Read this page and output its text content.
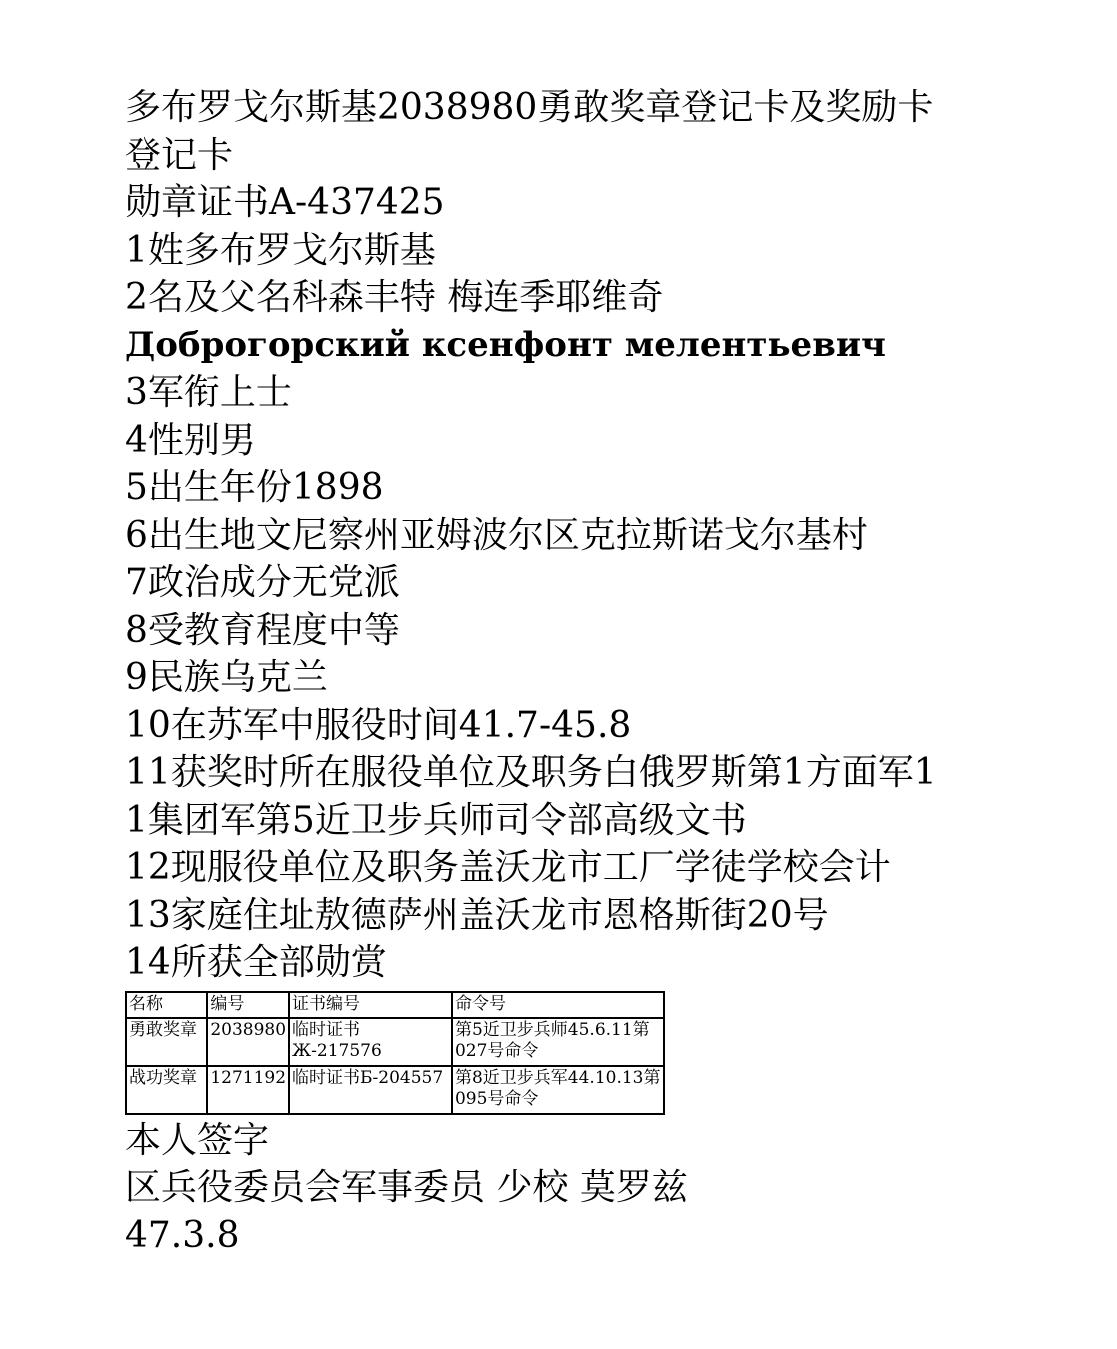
多布罗戈尔斯基2038980勇敢奖章登记卡及奖励卡

登记卡

勋章证书A-437425

1姓多布罗戈尔斯基

2名及父名科森丰特 梅连季耶维奇

Доброгорский ксенфонт мелентьевич

3军衔上士

4性别男

5出生年份1898

6出生地文尼察州亚姆波尔区克拉斯诺戈尔基村

7政治成分无党派

8受教育程度中等

9民族乌克兰

10在苏军中服役时间41.7-45.8

11获奖时所在服役单位及职务白俄罗斯第1方面军11集团军第5近卫步兵师司令部高级文书

12现服役单位及职务盖沃龙市工厂学徒学校会计

13家庭住址敖德萨州盖沃龙市恩格斯街20号

14所获全部勋赏

名称	编号	证书编号	命令号
勇敢奖章	2038980	临时证书Ж-217576	第5近卫步兵师45.6.11第027号命令
战功奖章	1271192	临时证书Б-204557	第8近卫步兵军44.10.13第095号命令

本人签字

区兵役委员会军事委员 少校 莫罗兹

47.3.8
